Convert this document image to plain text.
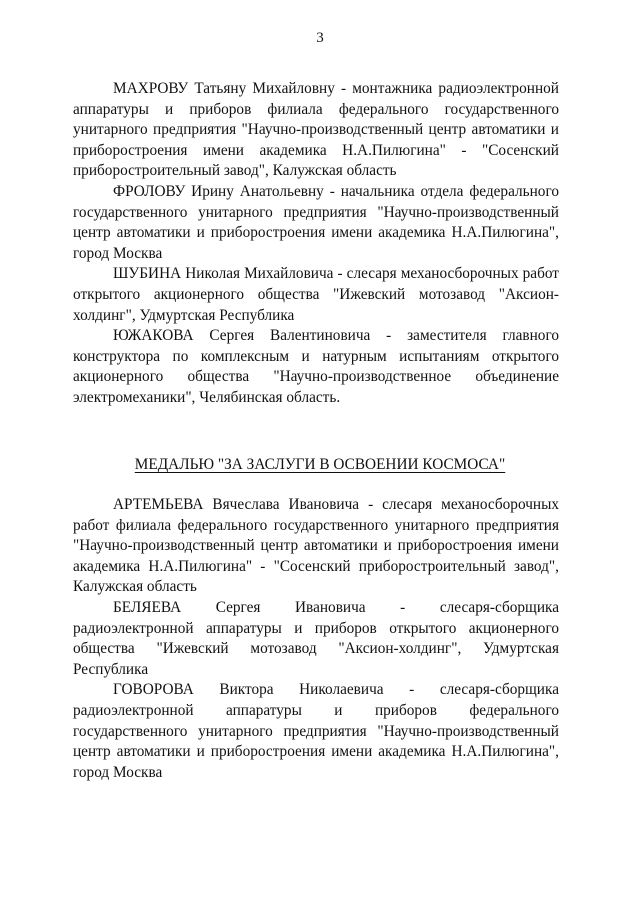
3

МАХРОВУ Татьяну Михайловну - монтажника радиоэлектронной аппаратуры и приборов филиала федерального государственного унитарного предприятия "Научно-производственный центр автоматики и приборостроения имени академика Н.А.Пилюгина" - "Сосенский приборостроительный завод", Калужская область

ФРОЛОВУ Ирину Анатольевну - начальника отдела федерального государственного унитарного предприятия "Научно-производственный центр автоматики и приборостроения имени академика Н.А.Пилюгина", город Москва

ШУБИНА Николая Михайловича - слесаря механосборочных работ открытого акционерного общества "Ижевский мотозавод "Аксион-холдинг", Удмуртская Республика

ЮЖАКОВА Сергея Валентиновича - заместителя главного конструктора по комплексным и натурным испытаниям открытого акционерного общества "Научно-производственное объединение электромеханики", Челябинская область.

МЕДАЛЬЮ "ЗА ЗАСЛУГИ В ОСВОЕНИИ КОСМОСА"

АРТЕМЬЕВА Вячеслава Ивановича - слесаря механосборочных работ филиала федерального государственного унитарного предприятия "Научно-производственный центр автоматики и приборостроения имени академика Н.А.Пилюгина" - "Сосенский приборостроительный завод", Калужская область

БЕЛЯЕВА Сергея Ивановича - слесаря-сборщика радиоэлектронной аппаратуры и приборов открытого акционерного общества "Ижевский мотозавод "Аксион-холдинг", Удмуртская Республика

ГОВОРОВА Виктора Николаевича - слесаря-сборщика радиоэлектронной аппаратуры и приборов федерального государственного унитарного предприятия "Научно-производственный центр автоматики и приборостроения имени академика Н.А.Пилюгина", город Москва
